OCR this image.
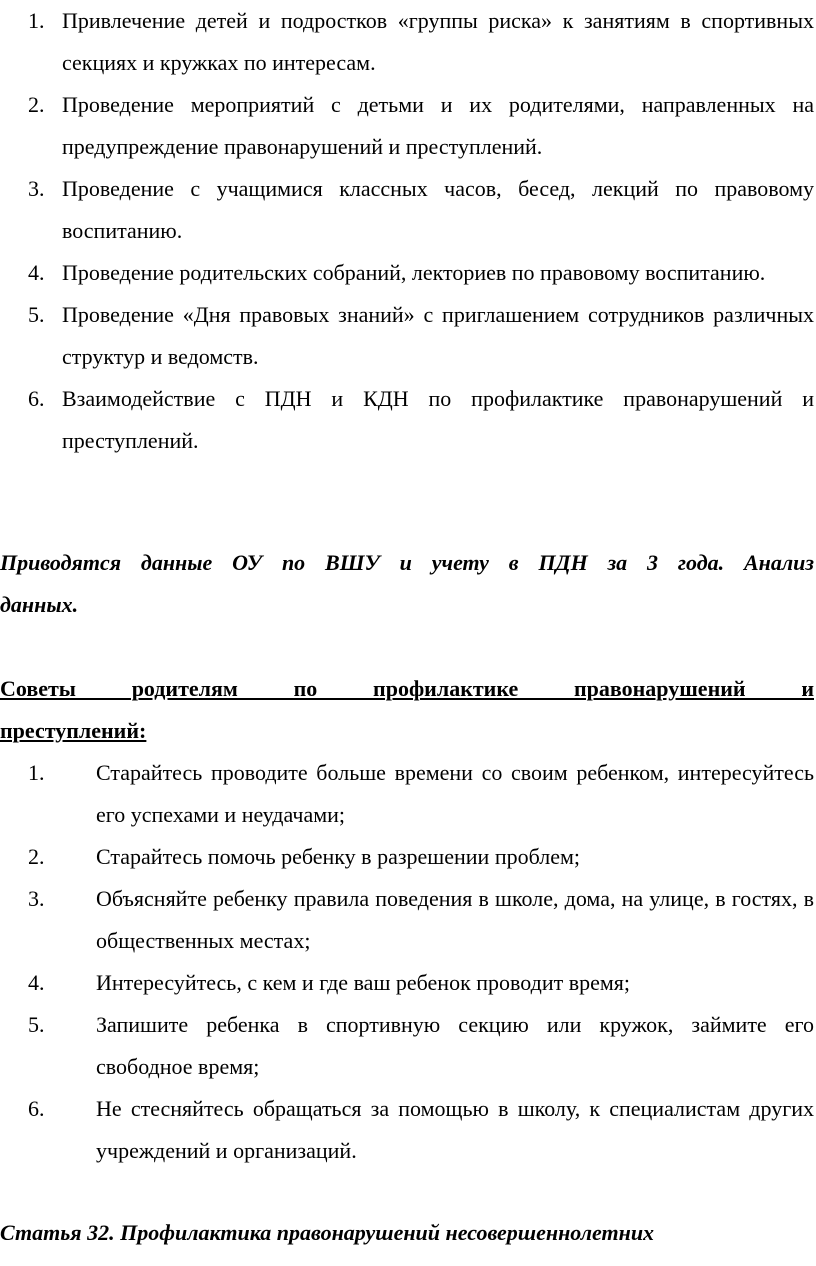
1. Привлечение детей и подростков «группы риска» к занятиям в спортивных секциях и кружках по интересам.
2. Проведение мероприятий с детьми и их родителями, направленных на предупреждение правонарушений и преступлений.
3. Проведение с учащимися классных часов, бесед, лекций по правовому воспитанию.
4. Проведение родительских собраний, лекториев по правовому воспитанию.
5. Проведение «Дня правовых знаний» с приглашением сотрудников различных структур и ведомств.
6. Взаимодействие с ПДН и КДН по профилактике правонарушений и преступлений.
Приводятся данные ОУ по ВШУ и учету в ПДН за 3 года. Анализ
данных.
Советы родителям по профилактике правонарушений и
преступлений:
1. Старайтесь проводите больше времени со своим ребенком, интересуйтесь его успехами и неудачами;
2. Старайтесь помочь ребенку в разрешении проблем;
3. Объясняйте ребенку правила поведения в школе, дома, на улице, в гостях, в общественных местах;
4. Интересуйтесь, с кем и где ваш ребенок проводит время;
5. Запишите ребенка в спортивную секцию или кружок, займите его свободное время;
6. Не стесняйтесь обращаться за помощью в школу, к специалистам других учреждений и организаций.
Статья 32. Профилактика правонарушений несовершеннолетних
